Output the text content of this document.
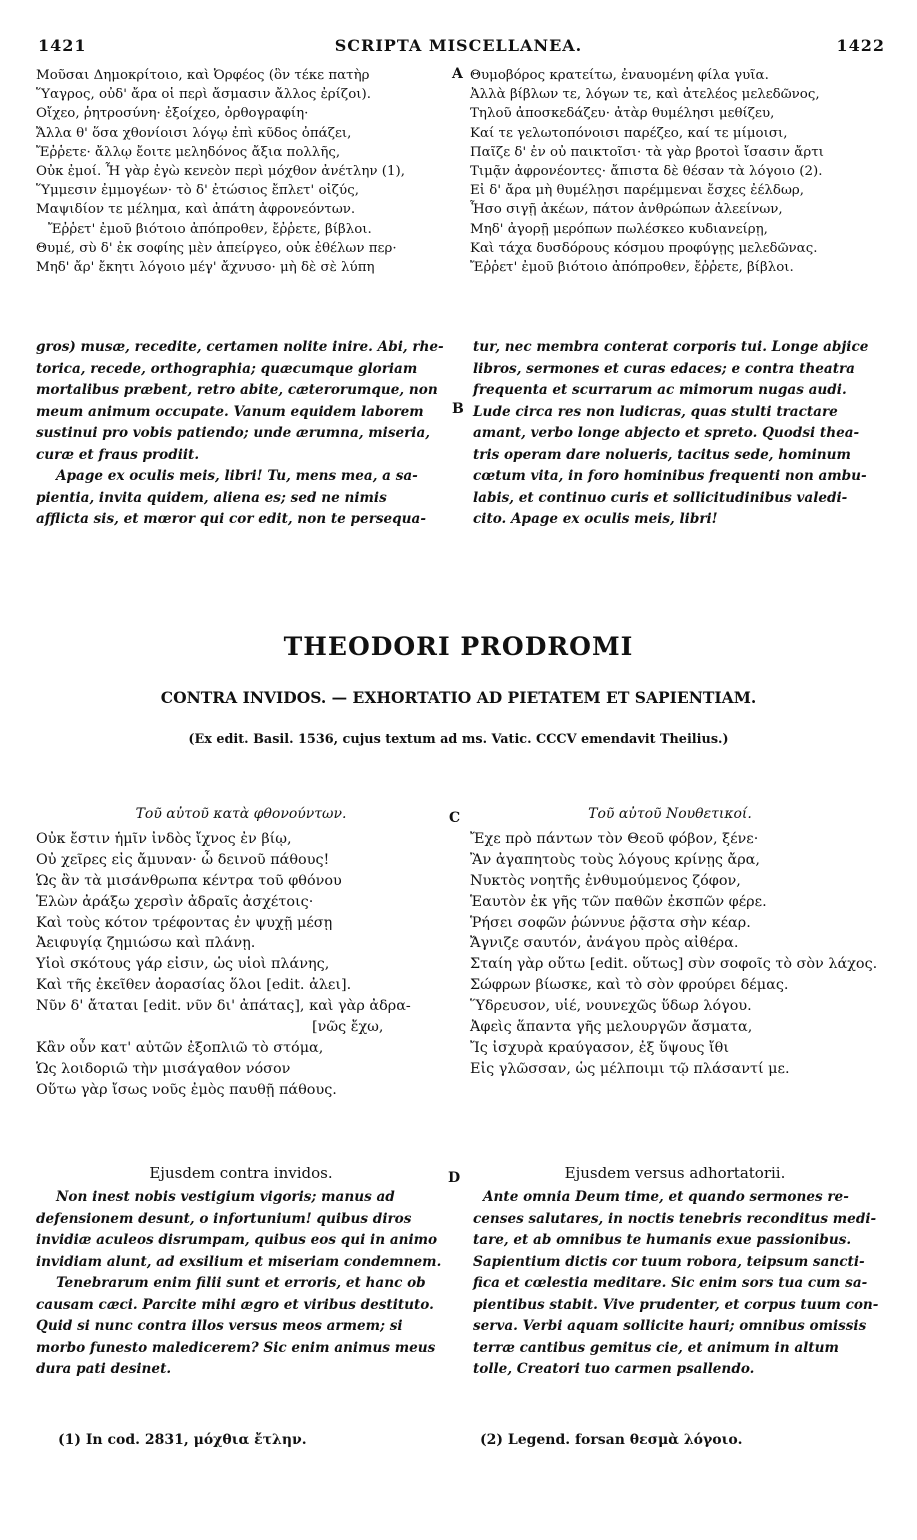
1421	SCRIPTA MISCELLANEA.	1422
Μοῦσαι Δημοκρίτοιο, καὶ Ὀρφέος (ὃν τέκε πατὴρ
Ὕαγρος, οὐδ' ἄρα οἱ περὶ ἄσμασιν ἄλλος ἐρίζοι).
Οἴχεο, ῥητροσύνη· ἐξοίχεο, ὀρθογραφίη·
Ἄλλα θ' ὅσα χθονίοισι λόγῳ ἐπὶ κῦδος ὀπάζει,
Ἔῤῥετε· ἄλλῳ ἔοιτε μεληδόνος ἄξια πολλῆς,
Οὐκ ἐμοί. Ἦ γὰρ ἐγὼ κενεὸν περὶ μόχθον ἀνέτλην (1),
Ὕμμεσιν ἐμμογέων· τὸ δ' ἐτώσιος ἔπλετ' οἰζύς,
Μαψιδίον τε μέλημα, καὶ ἀπάτη ἀφρονεόντων.
Ἔῤῥετ' ἐμοῦ βιότοιο ἀπόπροθεν, ἔῤῥετε, βίβλοι.
Θυμέ, σὺ δ' ἐκ σοφίης μὲν ἀπείργεο, οὐκ ἐθέλων περ·
Μηδ' ἄρ' ἔκητι λόγοιο μέγ' ἄχνυσο· μὴ δὲ σὲ λύπη
A Θυμοβόρος κρατείτω, ἐναυομένη φίλα γυῖα.
Ἀλλὰ βίβλων τε, λόγων τε, καὶ ἀτελέος μελεδῶνος,
Τηλοῦ ἀποσκεδάζευ· ἀτὰρ θυμέλησι μεθίζευ,
Καί τε γελωτοπόνοισι παρέζεο, καί τε μίμοισι,
Παῖζε δ' ἐν οὐ παικτοῖσι· τὰ γὰρ βροτοὶ ἴσασιν ἄρτι
Τιμᾷν ἀφρονέοντες· ἄπιστα δὲ θέσαν τὰ λόγοιο (2).
Εἰ δ' ἄρα μὴ θυμέλῃσι παρέμμεναι ἔσχες ἐέλδωρ,
Ἧσο σιγῇ ἀκέων, πάτον ἀνθρώπων ἀλεείνων,
Μηδ' ἀγορῇ μερόπων πωλέσκεο κυδιανείρῃ,
Καὶ τάχα δυσδόρους κόσμου προφύγῃς μελεδῶνας.
Ἔῤῥετ' ἐμοῦ βιότοιο ἀπόπροθεν, ἔῤῥετε, βίβλοι.
gros) musæ, recedite, certamen nolite inire. Abi, rhe-
torica, recede, orthographia; quæcumque gloriam
mortalibus præbent, retro abite, cæterorumque, non
meum animum occupate. Vanum equidem laborem
sustinui pro vobis patiendo; unde ærumna, miseria,
curæ et fraus prodiit.
Apage ex oculis meis, libri! Tu, mens mea, a sa-
pientia, invita quidem, aliena es; sed ne nimis
afflicta sis, et mœror qui cor edit, non te persequa-
B
tur, nec membra conterat corporis tui. Longe abjice
libros, sermones et curas edaces; e contra theatra
frequenta et scurrarum ac mimorum nugas audi.
Lude circa res non ludicras, quas stulti tractare
amant, verbo longe abjecto et spreto. Quodsi thea-
tris operam dare nolueris, tacitus sede, hominum
cœtum vita, in foro hominibus frequenti non ambu-
labis, et continuo curis et sollicitudinibus valedi-
cito. Apage ex oculis meis, libri!
THEODORI PRODROMI
CONTRA INVIDOS. — EXHORTATIO AD PIETATEM ET SAPIENTIAM.
(Ex edit. Basil. 1536, cujus textum ad ms. Vatic. CCCV emendavit Theilius.)
Τοῦ αὐτοῦ κατὰ φθονούντων.
Οὐκ ἔστιν ἡμῖν ἰνδὸς ἴχνος ἐν βίῳ,
Οὐ χεῖρες εἰς ἄμυναν· ὦ δεινοῦ πάθους!
Ὡς ἂν τὰ μισάνθρωπα κέντρα τοῦ φθόνου
Ἑλὼν ἀράξω χερσὶν ἀδραῖς ἀσχέτοις·
Καὶ τοὺς κότον τρέφοντας ἐν ψυχῇ μέσῃ
Ἀειφυγίᾳ ζημιώσω καὶ πλάνῃ.
Υἱοὶ σκότους γάρ εἰσιν, ὡς υἱοὶ πλάνης,
Καὶ τῆς ἐκεῖθεν ἀορασίας ὅλοι [edit. ἀλει].
Νῦν δ' ἄταται [edit. νῦν δι' ἀπάτας], καὶ γὰρ ἀδρα-
[νῶς ἔχω,
Κἂν οὖν κατ' αὐτῶν ἐξοπλιῶ τὸ στόμα,
Ὡς λοιδοριῶ τὴν μισάγαθον νόσον
Οὕτω γὰρ ἴσως νοῦς ἐμὸς παυθῇ πάθους.
C	Τοῦ αὐτοῦ Νουθετικοί.
Ἔχε πρὸ πάντων τὸν Θεοῦ φόβον, ξένε·
Ἂν ἀγαπητοὺς τοὺς λόγους κρίνῃς ἄρα,
Νυκτὸς νοητῆς ἐνθυμούμενος ζόφον,
Ἑαυτὸν ἐκ γῆς τῶν παθῶν ἐκσπῶν φέρε.
Ῥήσει σοφῶν ῥώννυε ῥᾷστα σὴν κέαρ.
Ἄγνιζε σαυτόν, ἀνάγου πρὸς αἰθέρα.
Σταίη γὰρ οὕτω [edit. οὕτως] σὺν σοφοῖς τὸ σὸν λάχος.
Σώφρων βίωσκε, καὶ τὸ σὸν φρούρει δέμας.
Ὕδρευσον, υἱέ, νουνεχῶς ὕδωρ λόγου.
Ἀφεὶς ἅπαντα γῆς μελουργῶν ἄσματα,
Ἴς ἰσχυρὰ κραύγασον, ἐξ ὕψους ἴθι
Εἰς γλῶσσαν, ὡς μέλποιμι τῷ πλάσαντί με.
Ejusdem contra invidos.
Non inest nobis vestigium vigoris; manus ad
defensionem desunt, o infortunium! quibus diros
invidiæ aculeos disrumpam, quibus eos qui in animo
invidiam alunt, ad exsilium et miseriam condemnem.
Tenebrarum enim filii sunt et erroris, et hanc ob
causam cæci. Parcite mihi ægro et viribus destituto.
Quid si nunc contra illos versus meos armem; si
morbo funesto maledicerem? Sic enim animus meus
dura pati desinet.
D	Ejusdem versus adhortatorii.
Ante omnia Deum time, et quando sermones re-
censes salutares, in noctis tenebris reconditus medi-
tare, et ab omnibus te humanis exue passionibus.
Sapientium dictis cor tuum robora, teipsum sancti-
fica et cœlestia meditare. Sic enim sors tua cum sa-
pientibus stabit. Vive prudenter, et corpus tuum con-
serva. Verbi aquam sollicite hauri; omnibus omissis
terræ cantibus gemitus cie, et animum in altum
tolle, Creatori tuo carmen psallendo.
(1) In cod. 2831, μόχθια ἔτλην.	(2) Legend. forsan θεσμὰ λόγοιο.
